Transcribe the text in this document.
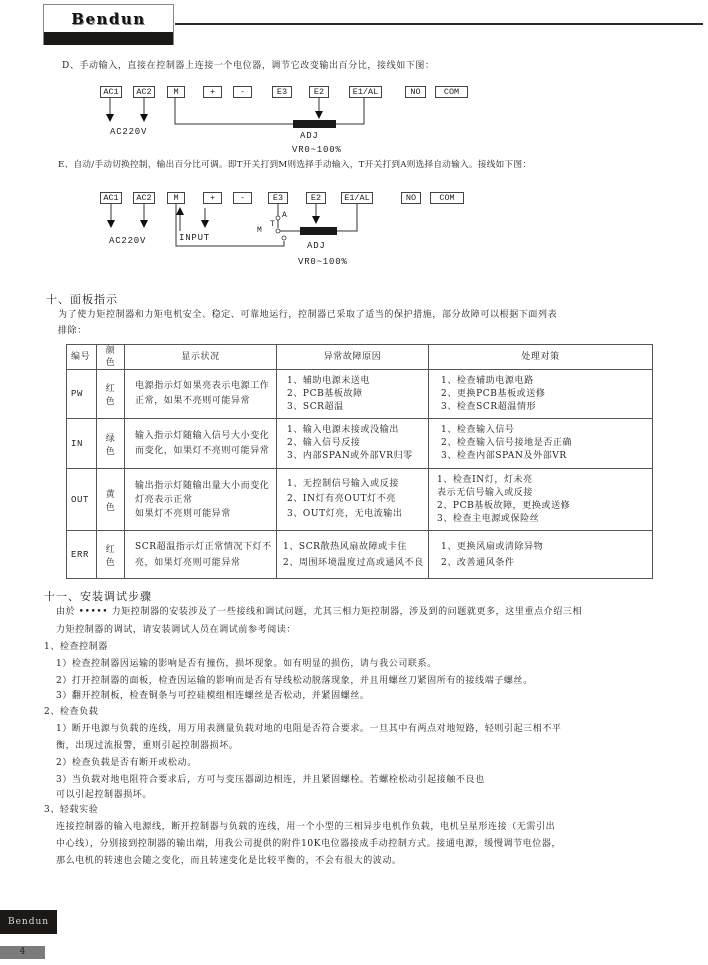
Bendun
D、手动输入，直接在控制器上连接一个电位器，调节它改变输出百分比，接线如下图：
AC1	AC2	M	+	-	E3	E2	E1/AL	NO	COM
AC220V	ADJ
VR0~100%
E、自动/手动切换控制，输出百分比可调。即T开关打到M则选择手动输入，T开关打到A则选择自动输入。接线如下图：
AC1	AC2	M	+	-	E3	E2	E1/AL	NO	COM
AC220V	INPUT
T
A
M
ADJ
VR0~100%
十、面板指示
为了使力矩控制器和力矩电机安全、稳定、可靠地运行，控制器已采取了适当的保护措施，部分故障可以根据下面列表
排除：
编号	颜色	显示状况	异常故障原因	处理对策
PW	红色	电源指示灯如果亮表示电源工作
正常，如果不亮则可能异常	1、辅助电源未送电
2、PCB基板故障
3、SCR超温	1、检查辅助电源电路
2、更换PCB基板或送修
3、检查SCR超温情形

IN	绿色	输入指示灯随输入信号大小变化
而变化，如果灯不亮则可能异常	1、输入电源未接或没输出
2、输入信号反接
3、内部SPAN或外部VR归零	1、检查输入信号
2、检查输入信号接地是否正确
3、检查内部SPAN及外部VR

OUT	黄色	输出指示灯随输出量大小而变化
灯亮表示正常
如果灯不亮则可能异常	1、无控制信号输入或反接
2、IN灯有亮OUT灯不亮
3、OUT灯亮，无电流输出	1、检查IN灯，灯未亮
表示无信号输入或反接
2、PCB基板故障，更换或送修
3、检查主电源或保险丝

ERR	红色	SCR超温指示灯正常情况下灯不
亮，如果灯亮则可能异常	1、SCR散热风扇故障或卡住
2、周围环境温度过高或通风不良	1、更换风扇或清除异物
2、改善通风条件
十一、安装调试步骤
由於 ••••• 力矩控制器的安装涉及了一些接线和调试问题，尤其三相力矩控制器，涉及到的问题就更多，这里重点介绍三相
力矩控制器的调试，请安装调试人员在调试前参考阅读：
1、检查控制器
1）检查控制器因运输的影响是否有撞伤，损坏现象。如有明显的损伤，请与我公司联系。
2）打开控制器的面板，检查因运输的影响而是否有导线松动脱落现象，并且用螺丝刀紧固所有的接线端子螺丝。
3）翻开控制板，检查铜条与可控硅模组相连螺丝是否松动，并紧固螺丝。
2、检查负载
1）断开电源与负载的连线，用万用表测量负载对地的电阻是否符合要求。一旦其中有两点对地短路，轻则引起三相不平
衡，出现过流报警，重则引起控制器损坏。
2）检查负载是否有断开或松动。
3）当负载对地电阻符合要求后，方可与变压器副边相连，并且紧固螺栓。若螺栓松动引起接触不良也
可以引起控制器损坏。
3、轻载实验
连接控制器的输入电源线，断开控制器与负载的连线，用一个小型的三相异步电机作负载，电机呈星形连接（无需引出
中心线），分别接到控制器的输出端，用我公司提供的附件10K电位器接成手动控制方式。接通电源，缓慢调节电位器，
那么电机的转速也会随之变化，而且转速变化是比较平衡的，不会有很大的波动。
Bendun
4
